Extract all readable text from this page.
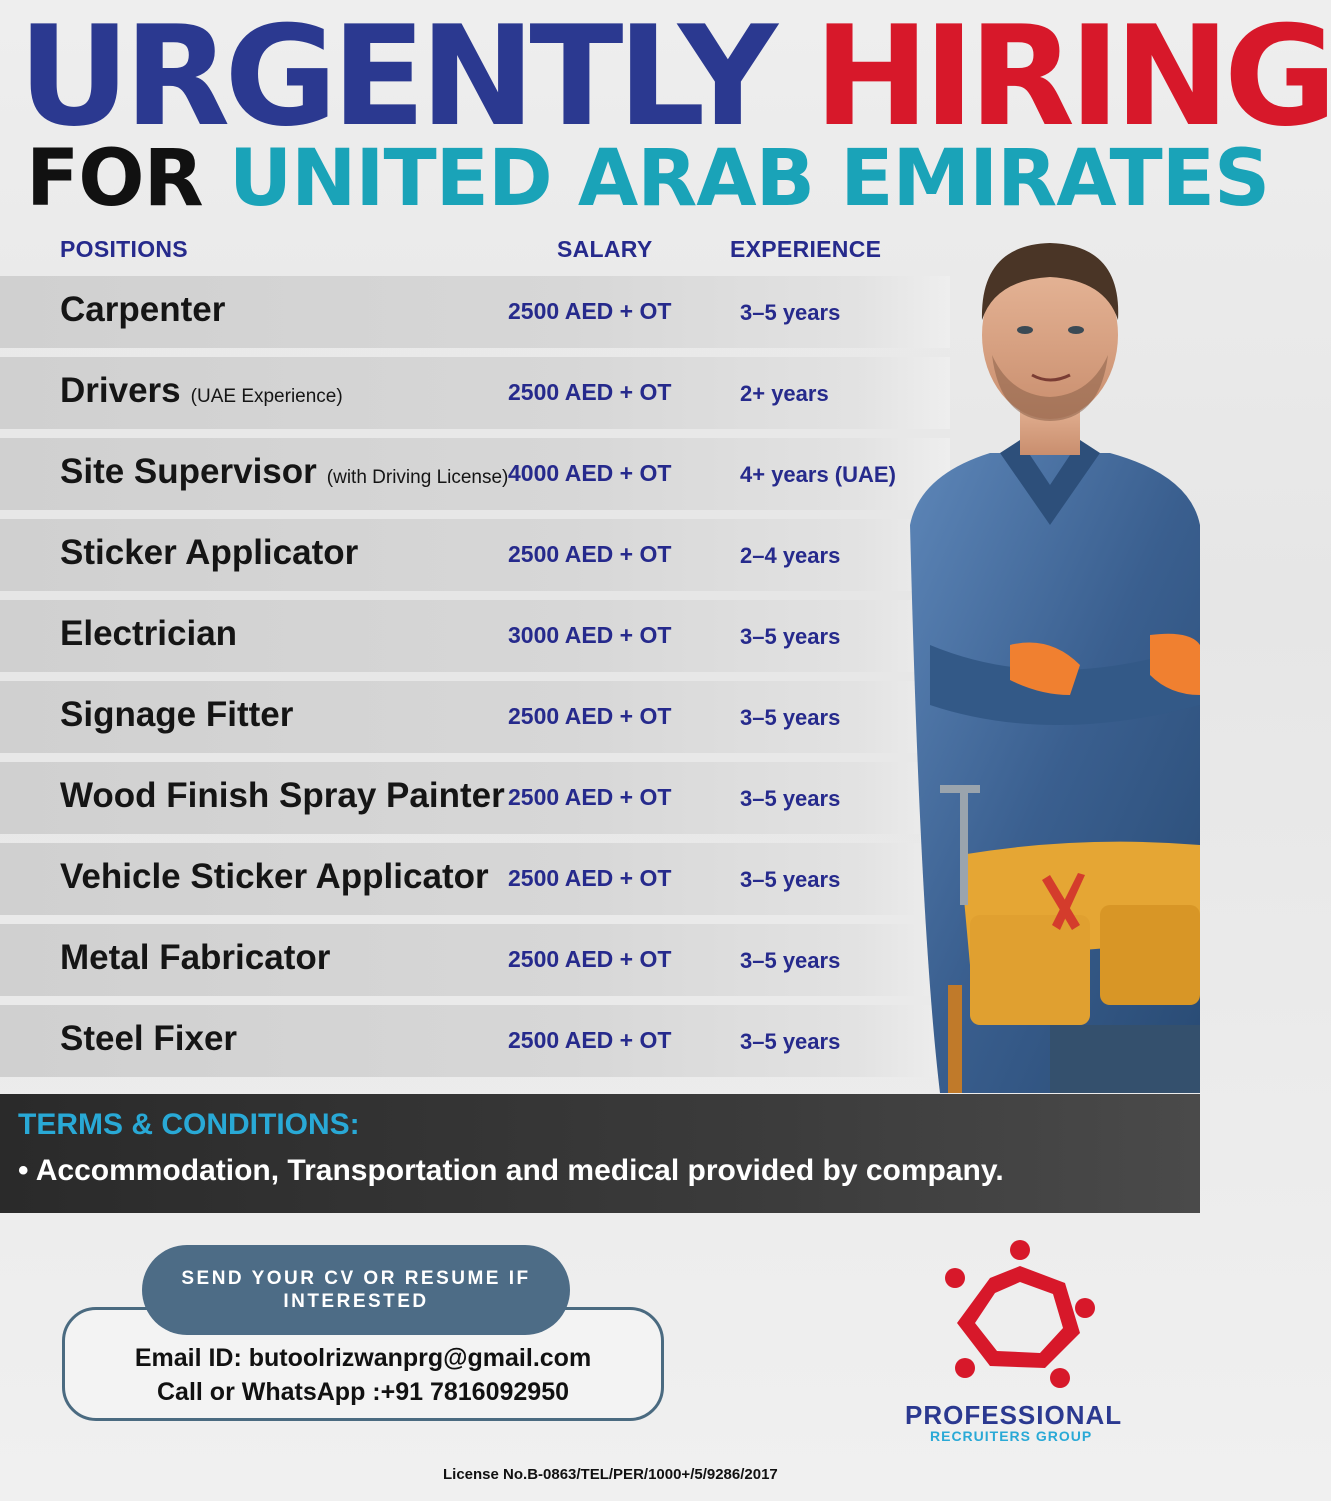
URGENTLY HIRING
FOR UNITED ARAB EMIRATES
POSITIONS	SALARY	EXPERIENCE
Carpenter	2500 AED + OT	3–5 years
Drivers (UAE Experience)	2500 AED + OT	2+ years
Site Supervisor (with Driving License) 4000 AED + OT	4+ years (UAE)
Sticker Applicator	2500 AED + OT	2–4 years
Electrician	3000 AED + OT	3–5 years
Signage Fitter	2500 AED + OT	3–5 years
Wood Finish Spray Painter 2500 AED + OT	3–5 years
Vehicle Sticker Applicator 2500 AED + OT	3–5 years
Metal Fabricator	2500 AED + OT	3–5 years
Steel Fixer	2500 AED + OT	3–5 years
TERMS & CONDITIONS:
• Accommodation, Transportation and medical provided by company.
Email ID: butoolrizwanprg@gmail.com
Call or WhatsApp :+91 7816092950
SEND YOUR CV OR RESUME IF INTERESTED
PROFESSIONAL
RECRUITERS GROUP
License No.B-0863/TEL/PER/1000+/5/9286/2017
